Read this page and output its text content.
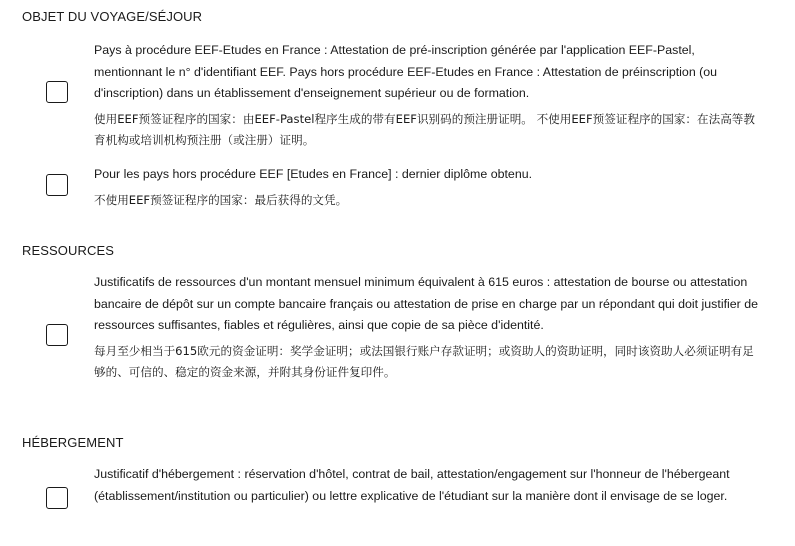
OBJET DU VOYAGE/SÉJOUR

Pays à procédure EEF-Etudes en France : Attestation de pré-inscription générée par l'application EEF-Pastel, mentionnant le n° d'identifiant EEF. Pays hors procédure EEF-Etudes en France : Attestation de préinscription (ou d'inscription) dans un établissement d'enseignement supérieur ou de formation.

使用EEF预签证程序的国家：由EEF-Pastel程序生成的带有EEF识别码的预注册证明。 不使用EEF预签证程序的国家：在法高等教育机构或培训机构预注册（或注册）证明。

Pour les pays hors procédure EEF [Etudes en France] : dernier diplôme obtenu.

不使用EEF预签证程序的国家：最后获得的文凭。

RESSOURCES

Justificatifs de ressources d'un montant mensuel minimum équivalent à 615 euros : attestation de bourse ou attestation bancaire de dépôt sur un compte bancaire français ou attestation de prise en charge par un répondant qui doit justifier de ressources suffisantes, fiables et régulières, ainsi que copie de sa pièce d'identité.

每月至少相当于615欧元的资金证明：奖学金证明；或法国银行账户存款证明；或资助人的资助证明，同时该资助人必须证明有足够的、可信的、稳定的资金来源，并附其身份证件复印件。

HÉBERGEMENT

Justificatif d'hébergement : réservation d'hôtel, contrat de bail, attestation/engagement sur l'honneur de l'hébergeant (établissement/institution ou particulier) ou lettre explicative de l'étudiant sur la manière dont il envisage de se loger.
